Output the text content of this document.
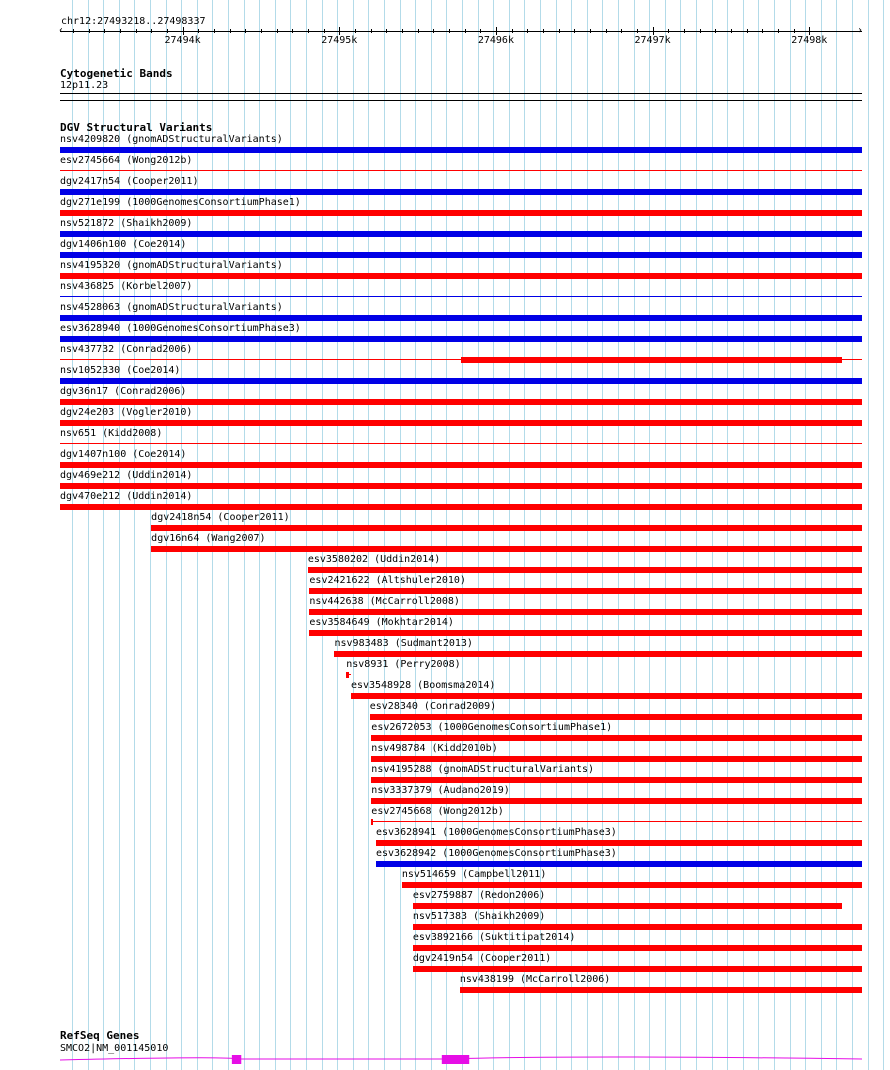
chr12:27493218..27498337
‹	›
27494k	27495k	27496k	27497k	27498k
Cytogenetic Bands
12p11.23
DGV Structural Variants
nsv4209820 (gnomADStructuralVariants)
esv2745664 (Wong2012b)
dgv2417n54 (Cooper2011)
dgv271e199 (1000GenomesConsortiumPhase1)
nsv521872 (Shaikh2009)
dgv1406n100 (Coe2014)
nsv4195320 (gnomADStructuralVariants)
nsv436825 (Korbel2007)
nsv4528063 (gnomADStructuralVariants)
esv3628940 (1000GenomesConsortiumPhase3)
nsv437732 (Conrad2006)
nsv1052330 (Coe2014)
dgv36n17 (Conrad2006)
dgv24e203 (Vogler2010)
nsv651 (Kidd2008)
dgv1407n100 (Coe2014)
dgv469e212 (Uddin2014)
dgv470e212 (Uddin2014)
dgv2418n54 (Cooper2011)
dgv16n64 (Wang2007)
esv3580202 (Uddin2014)
esv2421622 (Altshuler2010)
nsv442638 (McCarroll2008)
esv3584649 (Mokhtar2014)
nsv983483 (Sudmant2013)
nsv8931 (Perry2008)
esv3548928 (Boomsma2014)
esv28340 (Conrad2009)
esv2672053 (1000GenomesConsortiumPhase1)
nsv498784 (Kidd2010b)
nsv4195288 (gnomADStructuralVariants)
nsv3337379 (Audano2019)
esv2745668 (Wong2012b)
esv3628941 (1000GenomesConsortiumPhase3)
esv3628942 (1000GenomesConsortiumPhase3)
nsv514659 (Campbell2011)
esv2759887 (Redon2006)
nsv517383 (Shaikh2009)
esv3892166 (Suktitipat2014)
dgv2419n54 (Cooper2011)
nsv438199 (McCarroll2006)
RefSeq Genes
SMCO2|NM_001145010
